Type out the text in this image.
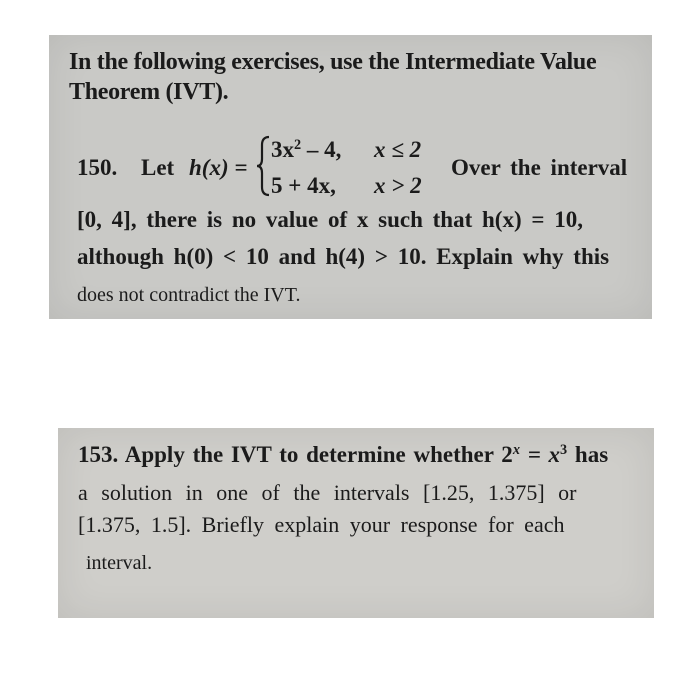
In the following exercises, use the Intermediate Value
Theorem (IVT).
150. Let h(x) =
$3x^2 - 4$, x ≤ 2
5 + 4x, x > 2
Over the interval
[0, 4], there is no value of x such that h(x) = 10,
although h(0) < 10 and h(4) > 10. Explain why this
does not contradict the IVT.
153. Apply the IVT to determine whether $2^x = x^3$ has
a solution in one of the intervals [1.25, 1.375] or
[1.375, 1.5]. Briefly explain your response for each
interval.
